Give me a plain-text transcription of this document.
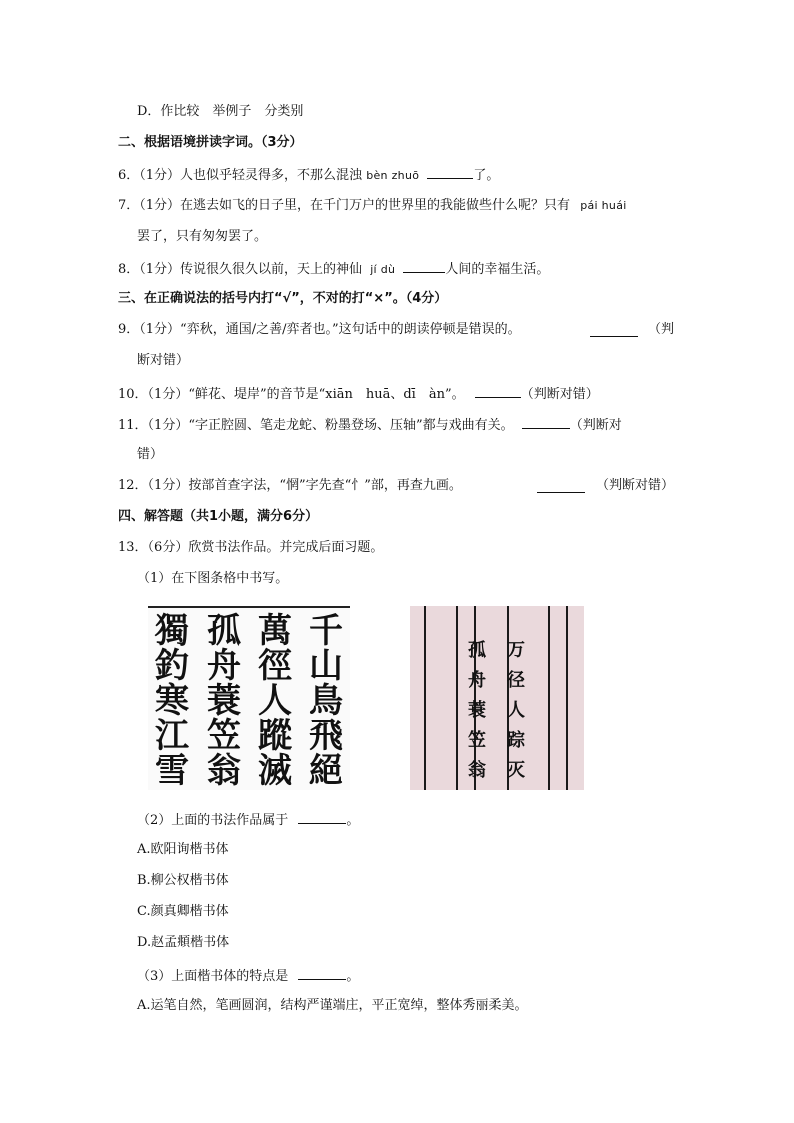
D．作比较　举例子　分类别
二、根据语境拼读字词。（3分）
6．（1分）人也似乎轻灵得多，不那么混浊 bèn zhuō	了。
7．（1分）在逃去如飞的日子里，在千门万户的世界里的我能做些什么呢？只有 pái huái
罢了，只有匆匆罢了。
8．（1分）传说很久很久以前，天上的神仙 jí dù	人间的幸福生活。
三、在正确说法的括号内打“√”，不对的打“×”。（4分）
9．（1分）“弈秋，通国/之善/弈者也。”这句话中的朗读停顿是错误的。	（判
断对错）
10．（1分）“鲜花、堤岸”的音节是“xiān　huā、dī　àn”。	（判断对错）
11．（1分）“字正腔圆、笔走龙蛇、粉墨登场、压轴”都与戏曲有关。	（判断对
错）
12．（1分）按部首查字法，“惘”字先查“忄”部，再查九画。	（判断对错）
四、解答题（共1小题，满分6分）
13．（6分）欣赏书法作品。并完成后面习题。
（1）在下图条格中书写。
獨
釣
寒
江
雪
孤
舟
蓑
笠
翁
萬
徑
人
蹤
滅
千
山
鳥
飛
絕
孤
舟
蓑
笠
翁
万
径
人
踪
灭
（2）上面的书法作品属于	。
A.欧阳询楷书体
B.柳公权楷书体
C.颜真卿楷书体
D.赵孟頫楷书体
（3）上面楷书体的特点是	。
A.运笔自然，笔画圆润，结构严谨端庄，平正宽绰，整体秀丽柔美。
